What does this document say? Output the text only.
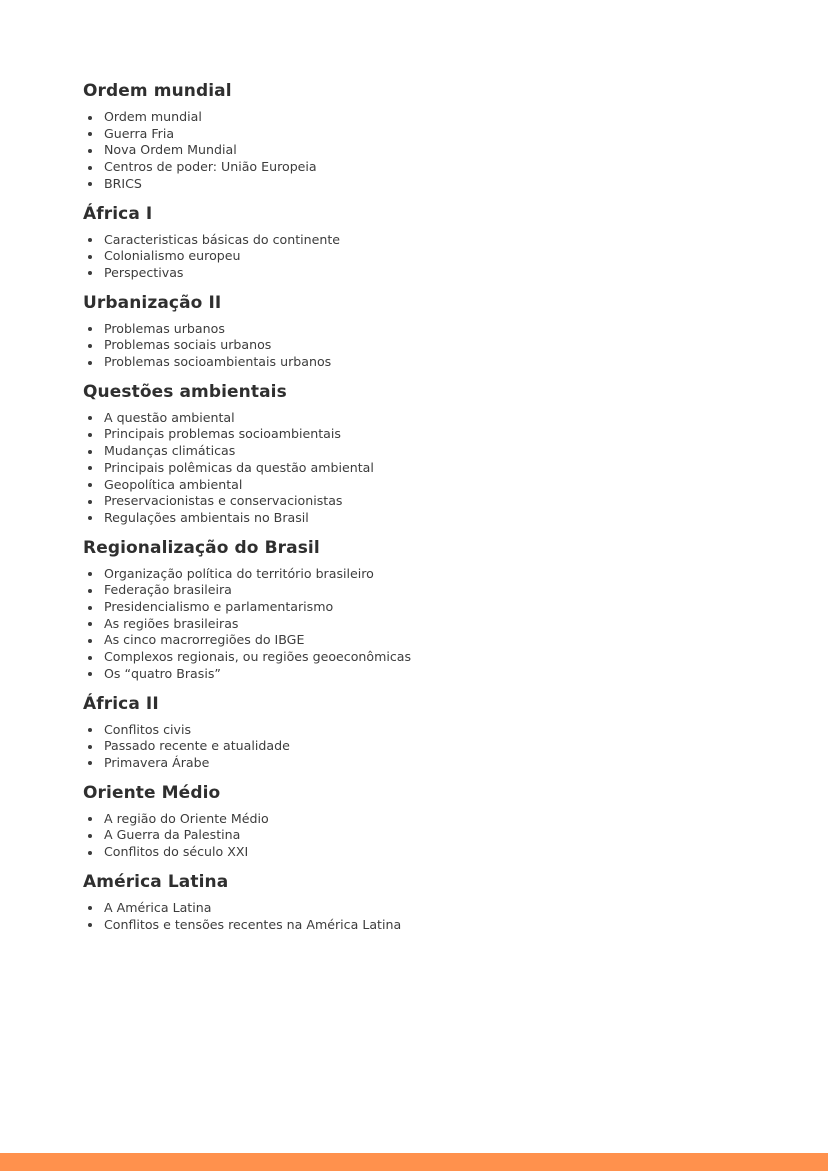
Ordem mundial
Ordem mundial
Guerra Fria
Nova Ordem Mundial
Centros de poder: União Europeia
BRICS
África I
Caracteristicas básicas do continente
Colonialismo europeu
Perspectivas
Urbanização II
Problemas urbanos
Problemas sociais urbanos
Problemas socioambientais urbanos
Questões ambientais
A questão ambiental
Principais problemas socioambientais
Mudanças climáticas
Principais polêmicas da questão ambiental
Geopolítica ambiental
Preservacionistas e conservacionistas
Regulações ambientais no Brasil
Regionalização do Brasil
Organização política do território brasileiro
Federação brasileira
Presidencialismo e parlamentarismo
As regiões brasileiras
As cinco macrorregiões do IBGE
Complexos regionais, ou regiões geoeconômicas
Os “quatro Brasis”
África II
Conflitos civis
Passado recente e atualidade
Primavera Árabe
Oriente Médio
A região do Oriente Médio
A Guerra da Palestina
Conflitos do século XXI
América Latina
A América Latina
Conflitos e tensões recentes na América Latina
